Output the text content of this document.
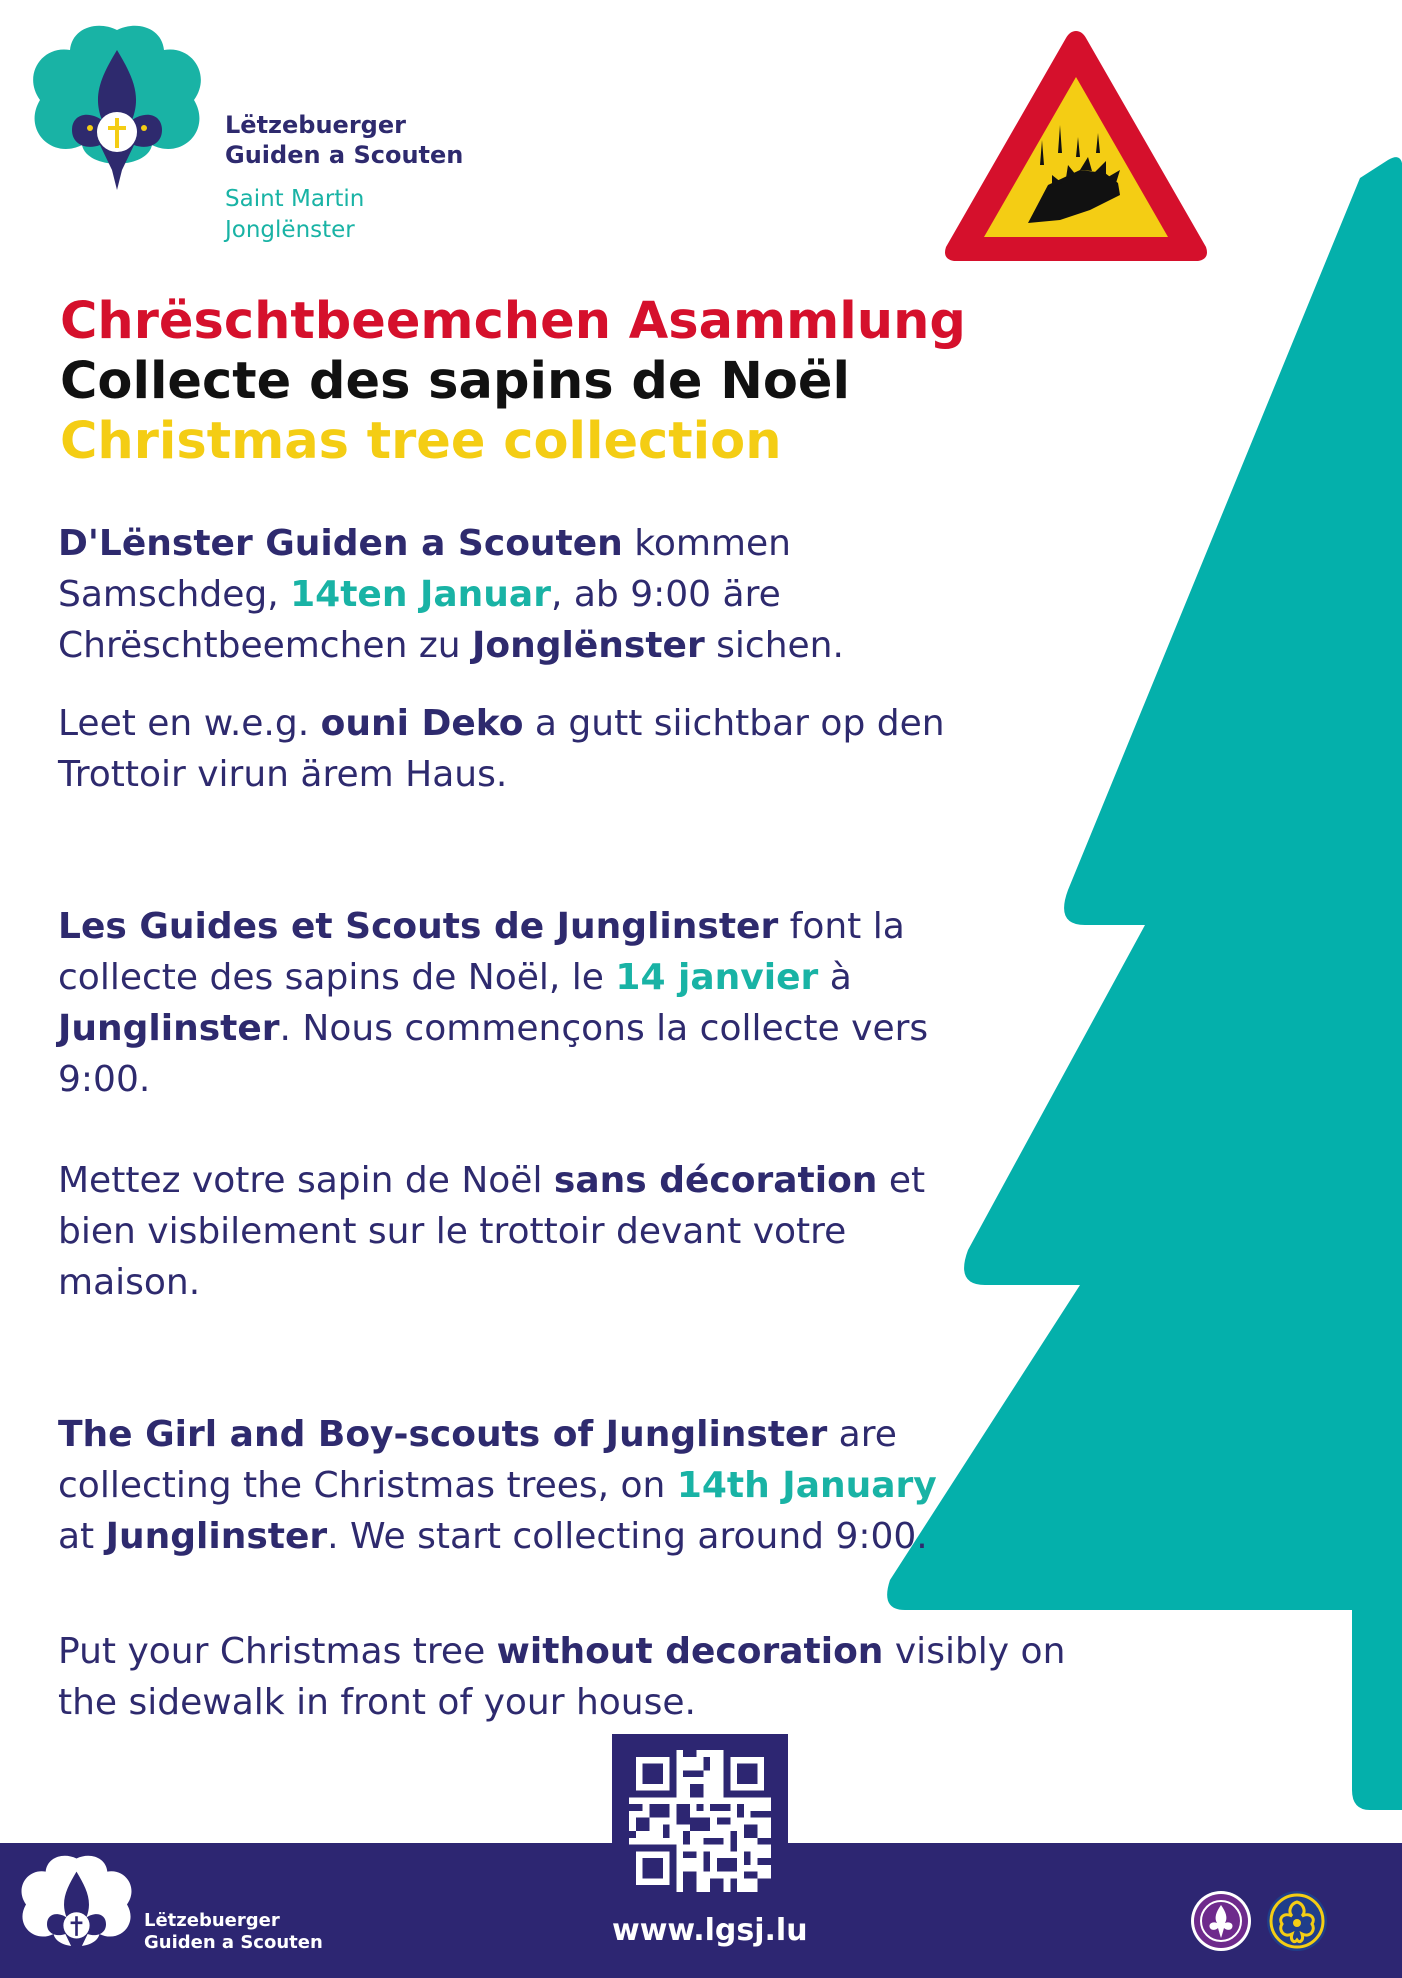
Lëtzebuerger
Guiden a Scouten
Saint Martin
Jonglënster
Chrëschtbeemchen Asammlung
Collecte des sapins de Noël
Christmas tree collection

D'Lënster Guiden a Scouten kommen Samschdeg, 14ten Januar, ab 9:00 äre Chrëschtbeemchen zu Jonglënster sichen.

Leet en w.e.g. ouni Deko a gutt siichtbar op den Trottoir virun ärem Haus.

Les Guides et Scouts de Junglinster font la collecte des sapins de Noël, le 14 janvier à Junglinster. Nous commençons la collecte vers 9:00.

Mettez votre sapin de Noël sans décoration et bien visbilement sur le trottoir devant votre maison.

The Girl and Boy-scouts of Junglinster are collecting the Christmas trees, on 14th January at Junglinster. We start collecting around 9:00.

Put your Christmas tree without decoration visibly on the sidewalk in front of your house.

www.lgsj.lu
Lëtzebuerger
Guiden a Scouten
